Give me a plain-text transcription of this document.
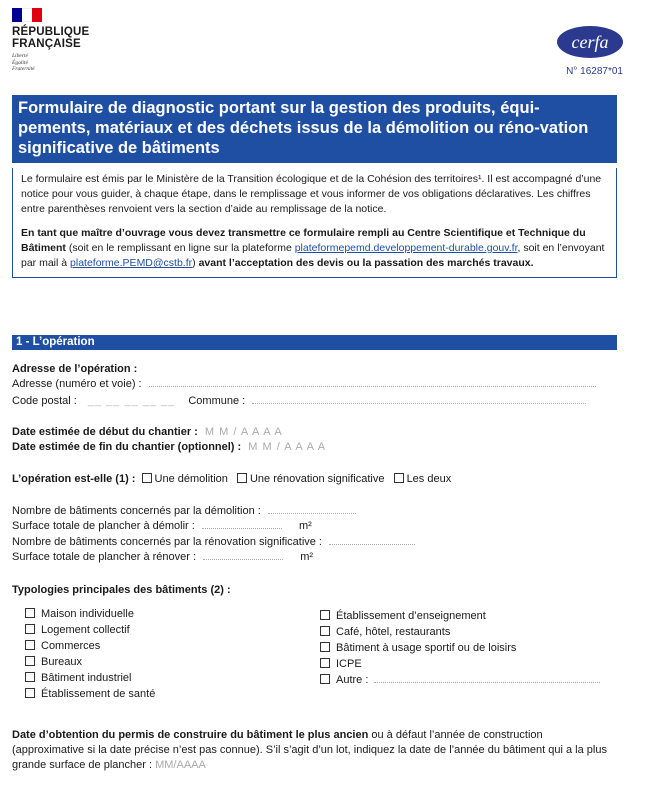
RÉPUBLIQUE
FRANÇAISE
Liberté
Égalité
Fraternité
cerfa
N° 16287*01
Formulaire de diagnostic portant sur la gestion des produits, équi-pements, matériaux et des déchets issus de la démolition ou réno-vation significative de bâtiments

Le formulaire est émis par le Ministère de la Transition écologique et de la Cohésion des territoires¹. Il est accompagné d’une notice pour vous guider, à chaque étape, dans le remplissage et vous informer de vos obligations déclaratives. Les chiffres entre parenthèses renvoient vers la section d’aide au remplissage de la notice.

En tant que maître d’ouvrage vous devez transmettre ce formulaire rempli au Centre Scientifique et Technique du Bâtiment (soit en le remplissant en ligne sur la plateforme plateformepemd.developpement-durable.gouv.fr, soit en l’envoyant par mail à plateforme.PEMD@cstb.fr) avant l’acceptation des devis ou la passation des marchés travaux.

1 - L’opération
Adresse de l’opération :
Adresse (numéro et voie) :
Code postal : __ __ __ __ __ Commune :
Date estimée de début du chantier : M M / A A A A
Date estimée de fin du chantier (optionnel) : M M / A A A A
L’opération est-elle (1) : Une démolition Une rénovation significative Les deux
Nombre de bâtiments concernés par la démolition :
Surface totale de plancher à démolir :	m²
Nombre de bâtiments concernés par la rénovation significative :
Surface totale de plancher à rénover :	m²
Typologies principales des bâtiments (2) :
Maison individuelle
Logement collectif
Commerces
Bureaux
Bâtiment industriel
Établissement de santé
Établissement d’enseignement
Café, hôtel, restaurants
Bâtiment à usage sportif ou de loisirs
ICPE
Autre :
Date d’obtention du permis de construire du bâtiment le plus ancien ou à défaut l’année de construction (approximative si la date précise n’est pas connue). S’il s’agit d’un lot, indiquez la date de l’année du bâtiment qui a la plus grande surface de plancher : MM/AAAA
